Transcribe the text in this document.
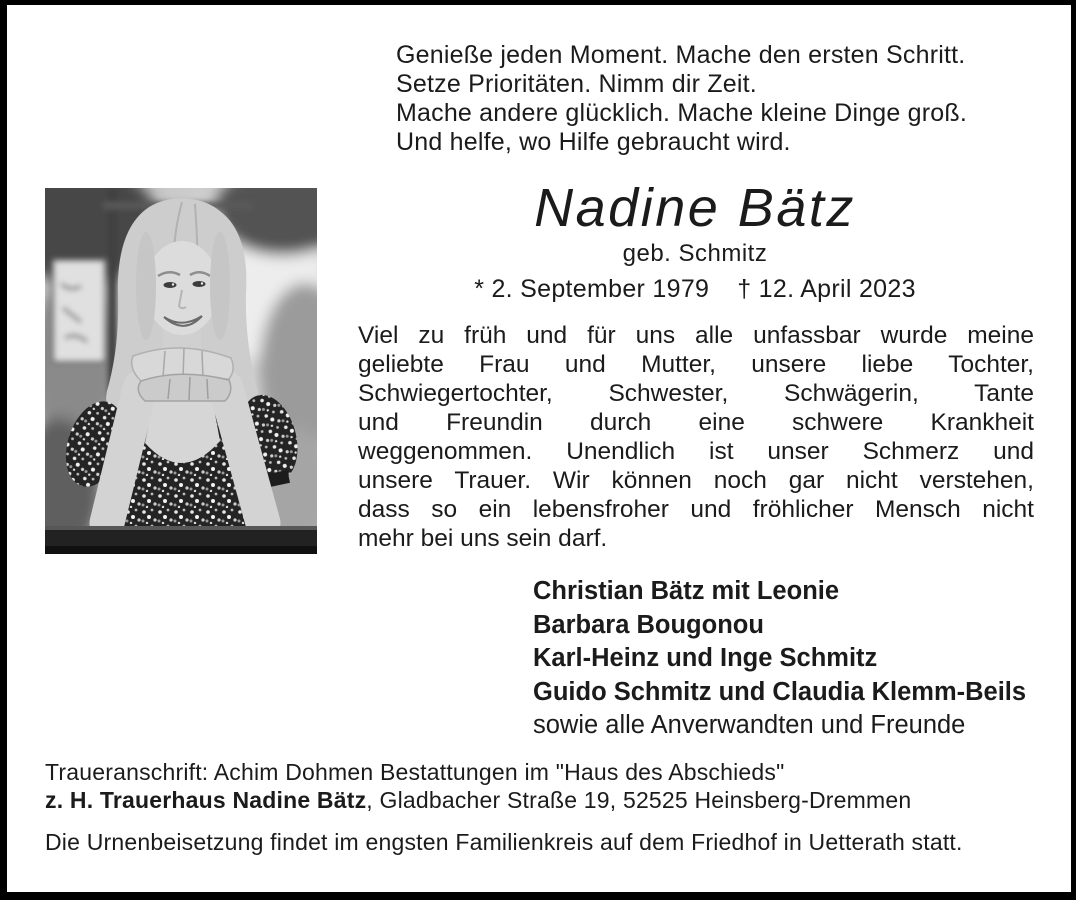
Genieße jeden Moment. Mache den ersten Schritt.
Setze Prioritäten. Nimm dir Zeit.
Mache andere glücklich. Mache kleine Dinge groß.
Und helfe, wo Hilfe gebraucht wird.
Nadine Bätz
geb. Schmitz
* 2. September 1979 † 12. April 2023
Viel zu früh und für uns alle unfassbar wurde meine
geliebte Frau und Mutter, unsere liebe Tochter,
Schwiegertochter, Schwester, Schwägerin, Tante
und Freundin durch eine schwere Krankheit
weggenommen. Unendlich ist unser Schmerz und
unsere Trauer. Wir können noch gar nicht verstehen,
dass so ein lebensfroher und fröhlicher Mensch nicht
mehr bei uns sein darf.
Christian Bätz mit Leonie
Barbara Bougonou
Karl-Heinz und Inge Schmitz
Guido Schmitz und Claudia Klemm-Beils
sowie alle Anverwandten und Freunde
Traueranschrift: Achim Dohmen Bestattungen im "Haus des Abschieds"
z. H. Trauerhaus Nadine Bätz, Gladbacher Straße 19, 52525 Heinsberg-Dremmen
Die Urnenbeisetzung findet im engsten Familienkreis auf dem Friedhof in Uetterath statt.
